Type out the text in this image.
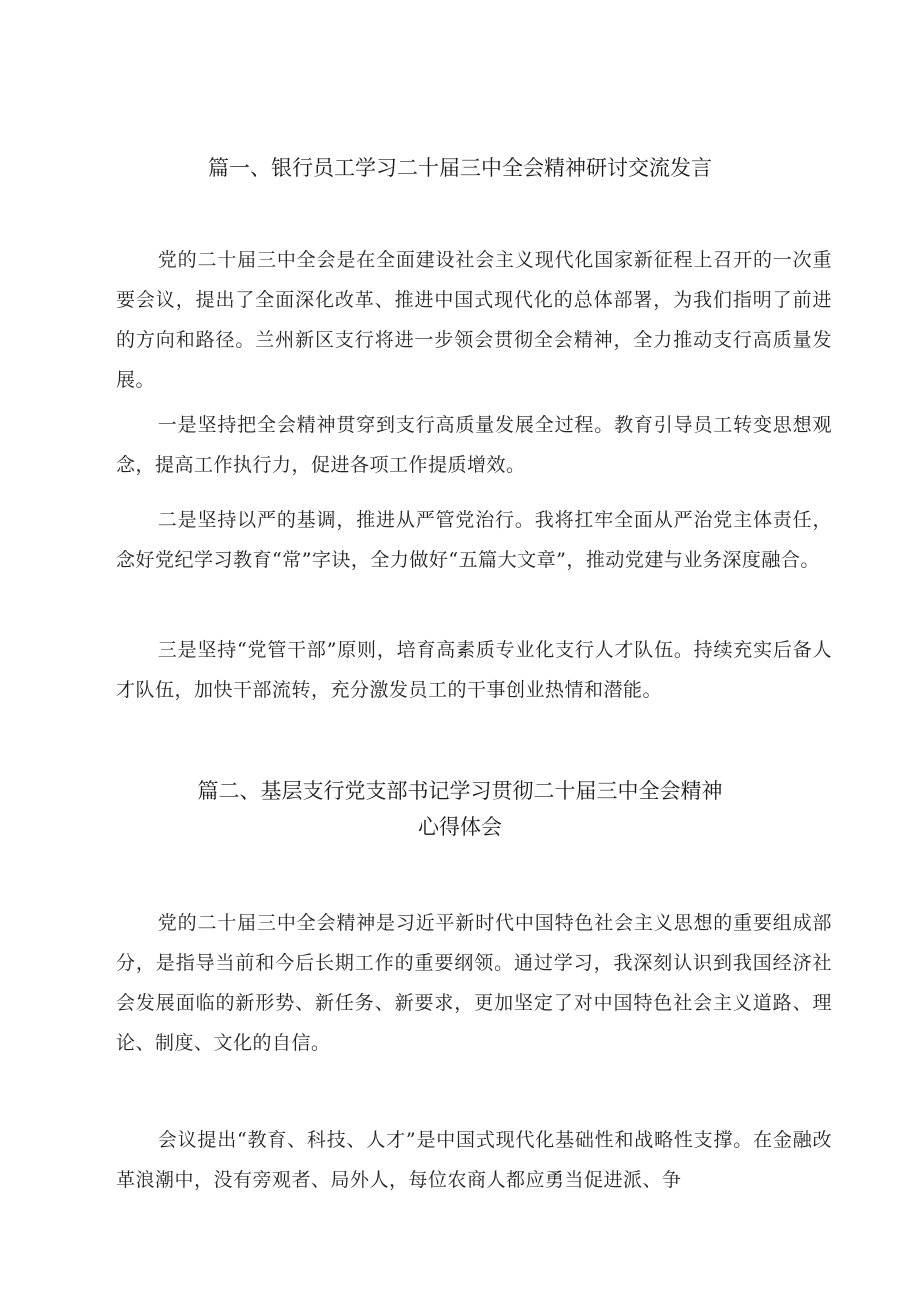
篇一、银行员工学习二十届三中全会精神研讨交流发言

党的二十届三中全会是在全面建设社会主义现代化国家新征程上召开的一次重要会议，提出了全面深化改革、推进中国式现代化的总体部署，为我们指明了前进的方向和路径。兰州新区支行将进一步领会贯彻全会精神，全力推动支行高质量发展。

一是坚持把全会精神贯穿到支行高质量发展全过程。教育引导员工转变思想观念，提高工作执行力，促进各项工作提质增效。

二是坚持以严的基调，推进从严管党治行。我将扛牢全面从严治党主体责任，念好党纪学习教育“常”字诀，全力做好“五篇大文章”，推动党建与业务深度融合。

三是坚持“党管干部”原则，培育高素质专业化支行人才队伍。持续充实后备人才队伍，加快干部流转，充分激发员工的干事创业热情和潜能。

篇二、基层支行党支部书记学习贯彻二十届三中全会精神
心得体会

党的二十届三中全会精神是习近平新时代中国特色社会主义思想的重要组成部分，是指导当前和今后长期工作的重要纲领。通过学习，我深刻认识到我国经济社会发展面临的新形势、新任务、新要求，更加坚定了对中国特色社会主义道路、理论、制度、文化的自信。

会议提出“教育、科技、人才”是中国式现代化基础性和战略性支撑。在金融改革浪潮中，没有旁观者、局外人，每位农商人都应勇当促进派、争
